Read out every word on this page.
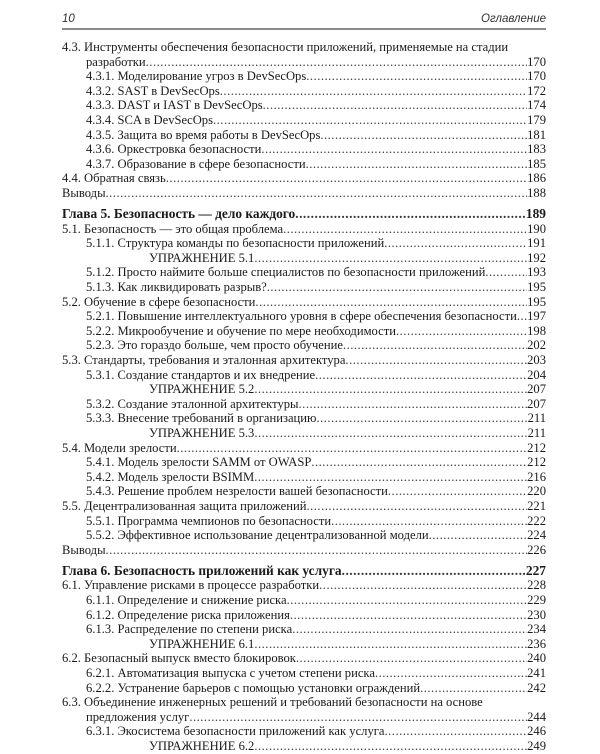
10	Оглавление
4.3. Инструменты обеспечения безопасности приложений, применяемые на стадии
разработки .....	170
4.3.1. Моделирование угроз в DevSecOps .....	170
4.3.2. SAST в DevSecOps .....	172
4.3.3. DAST и IAST в DevSecOps .....	174
4.3.4. SCA в DevSecOps .....	179
4.3.5. Защита во время работы в DevSecOps .....	181
4.3.6. Оркестровка безопасности .....	183
4.3.7. Образование в сфере безопасности .....	185
4.4. Обратная связь .....	186
Выводы .....	188
Глава 5. Безопасность — дело каждого .....	189
5.1. Безопасность — это общая проблема .....	190
5.1.1. Структура команды по безопасности приложений .....	191
УПРАЖНЕНИЕ 5.1 .....	192
5.1.2. Просто наймите больше специалистов по безопасности приложений .....	193
5.1.3. Как ликвидировать разрыв? .....	195
5.2. Обучение в сфере безопасности .....	195
5.2.1. Повышение интеллектуального уровня в сфере обеспечения безопасности ..... 197
5.2.2. Микрообучение и обучение по мере необходимости .....	198
5.2.3. Это гораздо больше, чем просто обучение .....	202
5.3. Стандарты, требования и эталонная архитектура .....	203
5.3.1. Создание стандартов и их внедрение .....	204
УПРАЖНЕНИЕ 5.2 .....	207
5.3.2. Создание эталонной архитектуры .....	207
5.3.3. Внесение требований в организацию .....	211
УПРАЖНЕНИЕ 5.3 .....	211
5.4. Модели зрелости .....	212
5.4.1. Модель зрелости SAMM от OWASP .....	212
5.4.2. Модель зрелости BSIMM .....	216
5.4.3. Решение проблем незрелости вашей безопасности .....	220
5.5. Децентрализованная защита приложений .....	221
5.5.1. Программа чемпионов по безопасности .....	222
5.5.2. Эффективное использование децентрализованной модели .....	224
Выводы .....	226
Глава 6. Безопасность приложений как услуга .....	227
6.1. Управление рисками в процессе разработки .....	228
6.1.1. Определение и снижение риска .....	229
6.1.2. Определение риска приложения .....	230
6.1.3. Распределение по степени риска .....	234
УПРАЖНЕНИЕ 6.1 .....	236
6.2. Безопасный выпуск вместо блокировок .....	240
6.2.1. Автоматизация выпуска с учетом степени риска .....	241
6.2.2. Устранение барьеров с помощью установки ограждений .....	242
6.3. Объединение инженерных решений и требований безопасности на основе
предложения услуг .....	244
6.3.1. Экосистема безопасности приложений как услуга .....	246
УПРАЖНЕНИЕ 6.2 .....	249
